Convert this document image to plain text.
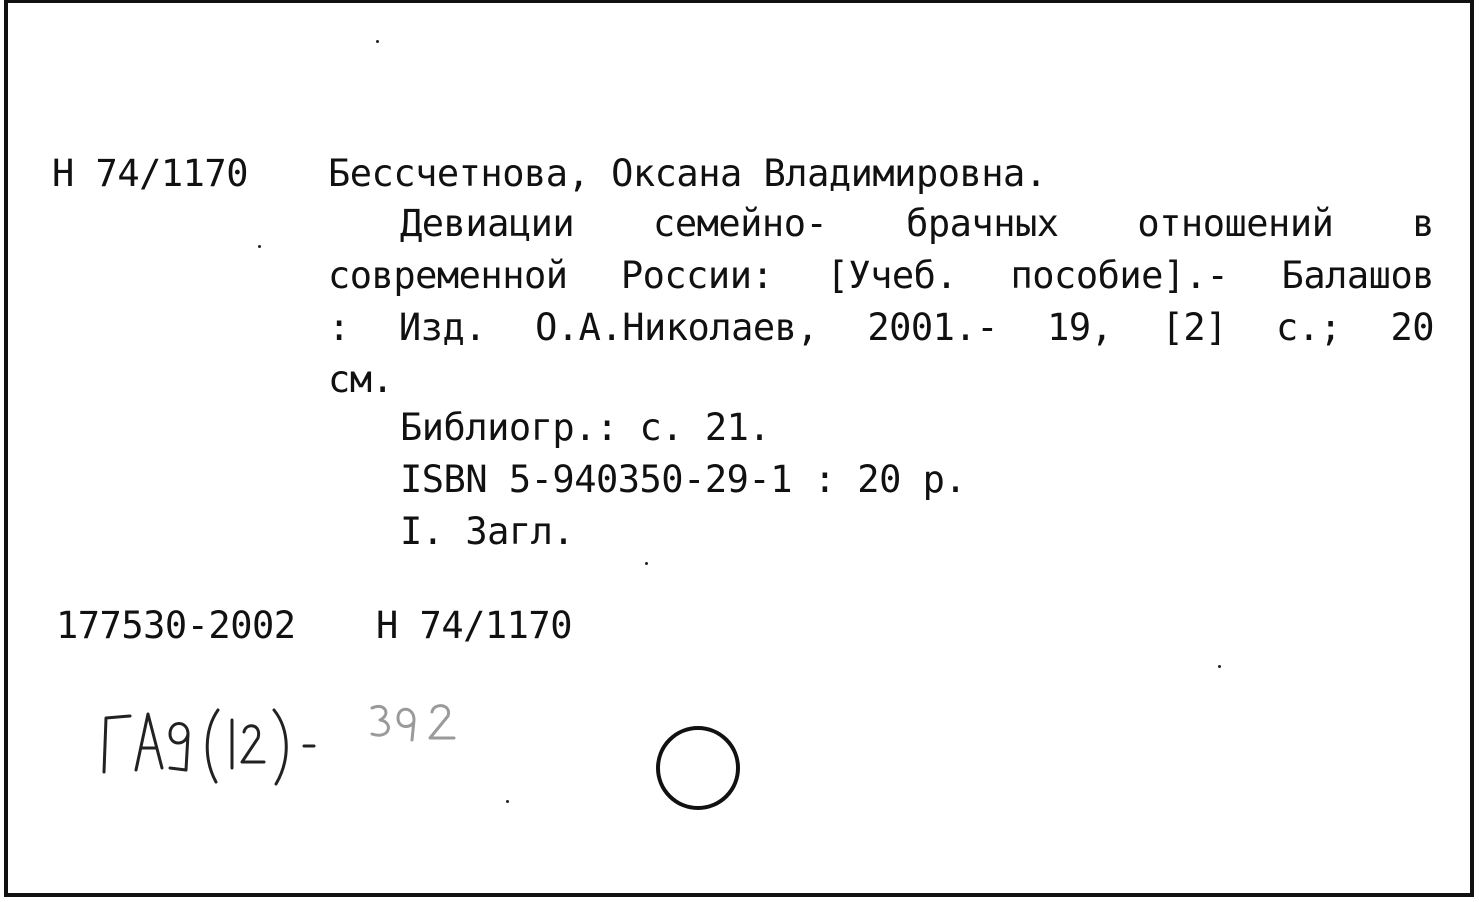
Н 74/1170 Бессчетнова, Оксана Владимировна.
Девиации семейно- брачных отношений в
современной России: [Учеб. пособие].- Балашов
: Изд. О.А.Николаев, 2001.- 19, [2] с.; 20
см.
Библиогр.: с. 21.
ISBN 5-940350-29-1 : 20 р.
I. Загл.
177530-2002 Н 74/1170
